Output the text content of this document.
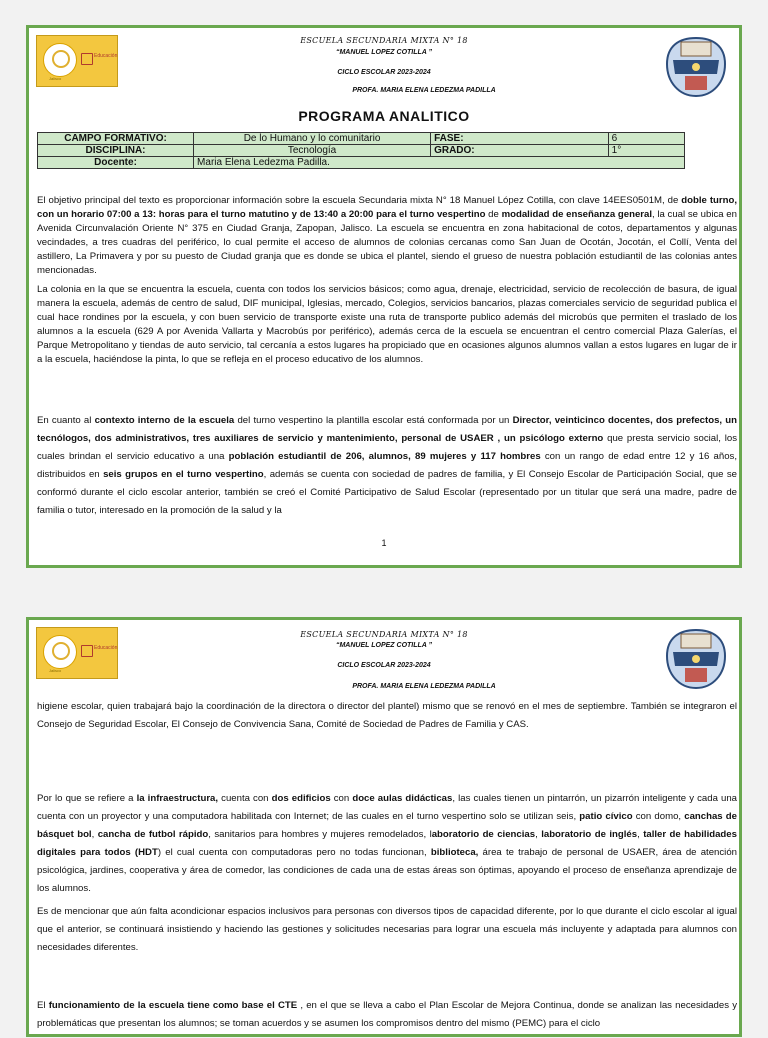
Educación
Jalisco
ESCUELA SECUNDARIA MIXTA N° 18
“MANUEL LOPEZ COTILLA ”
CICLO ESCOLAR 2023-2024
PROFA. MARIA ELENA LEDEZMA PADILLA
PROGRAMA ANALITICO
CAMPO FORMATIVO:	De lo Humano y lo comunitario	FASE:	6
DISCIPLINA:	Tecnología	GRADO:	1°
Docente:	Maria Elena Ledezma Padilla.		

El objetivo principal del texto es proporcionar información sobre la escuela Secundaria mixta N° 18 Manuel López Cotilla, con clave 14EES0501M, de doble turno, con un horario 07:00 a 13: horas para el turno matutino y de 13:40 a 20:00 para el turno vespertino de modalidad de enseñanza general, la cual se ubica en Avenida Circunvalación Oriente N° 375 en Ciudad Granja, Zapopan, Jalisco. La escuela se encuentra en zona habitacional de cotos, departamentos y algunas vecindades, a tres cuadras del periférico, lo cual permite el acceso de alumnos de colonias cercanas como San Juan de Ocotán, Jocotán, el Collí, Venta del astillero, La Primavera y por su puesto de Ciudad granja que es donde se ubica el plantel, siendo el grueso de nuestra población estudiantil de las colonias antes mencionadas.

La colonia en la que se encuentra la escuela, cuenta con todos los servicios básicos; como agua, drenaje, electricidad, servicio de recolección de basura, de igual manera la escuela, además de centro de salud, DIF municipal, Iglesias, mercado, Colegios, servicios bancarios, plazas comerciales servicio de seguridad publica el cual hace rondines por la escuela, y con buen servicio de transporte existe una ruta de transporte publico además del microbús que permiten el traslado de los alumnos a la escuela (629 A por Avenida Vallarta y Macrobús por periférico), además cerca de la escuela se encuentran el centro comercial Plaza Galerías, el Parque Metropolitano y tiendas de auto servicio, tal cercanía a estos lugares ha propiciado que en ocasiones algunos alumnos vallan a estos lugares en lugar de ir a la escuela, haciéndose la pinta, lo que se refleja en el proceso educativo de los alumnos.

En cuanto al contexto interno de la escuela del turno vespertino la plantilla escolar está conformada por un Director, veinticinco docentes, dos prefectos, un tecnólogos, dos administrativos, tres auxiliares de servicio y mantenimiento, personal de USAER , un psicólogo externo que presta servicio social, los cuales brindan el servicio educativo a una población estudiantil de 206, alumnos, 89 mujeres y 117 hombres con un rango de edad entre 12 y 16 años, distribuidos en seis grupos en el turno vespertino, además se cuenta con sociedad de padres de familia, y El Consejo Escolar de Participación Social, que se conformó durante el ciclo escolar anterior, también se creó el Comité Participativo de Salud Escolar (representado por un titular que será una madre, padre de familia o tutor, interesado en la promoción de la salud y la

1
Educación
Jalisco
ESCUELA SECUNDARIA MIXTA N° 18
“MANUEL LOPEZ COTILLA ”
CICLO ESCOLAR 2023-2024
PROFA. MARIA ELENA LEDEZMA PADILLA

higiene escolar, quien trabajará bajo la coordinación de la directora o director del plantel) mismo que se renovó en el mes de septiembre. También se integraron el Consejo de Seguridad Escolar, El Consejo de Convivencia Sana, Comité de Sociedad de Padres de Familia y CAS.

Por lo que se refiere a la infraestructura, cuenta con dos edificios con doce aulas didácticas, las cuales tienen un pintarrón, un pizarrón inteligente y cada una cuenta con un proyector y una computadora habilitada con Internet; de las cuales en el turno vespertino solo se utilizan seis, patio cívico con domo, canchas de básquet bol, cancha de futbol rápido, sanitarios para hombres y mujeres remodelados, laboratorio de ciencias, laboratorio de inglés, taller de habilidades digitales para todos (HDT) el cual cuenta con computadoras pero no todas funcionan, biblioteca, área te trabajo de personal de USAER, área de atención psicológica, jardines, cooperativa y área de comedor, las condiciones de cada una de estas áreas son óptimas, apoyando el proceso de enseñanza aprendizaje de los alumnos.

Es de mencionar que aún falta acondicionar espacios inclusivos para personas con diversos tipos de capacidad diferente, por lo que durante el ciclo escolar al igual que el anterior, se continuará insistiendo y haciendo las gestiones y solicitudes necesarias para lograr una escuela más incluyente y adaptada para alumnos con necesidades diferentes.

El funcionamiento de la escuela tiene como base el CTE , en el que se lleva a cabo el Plan Escolar de Mejora Continua, donde se analizan las necesidades y problemáticas que presentan los alumnos; se toman acuerdos y se asumen los compromisos dentro del mismo (PEMC) para el ciclo
